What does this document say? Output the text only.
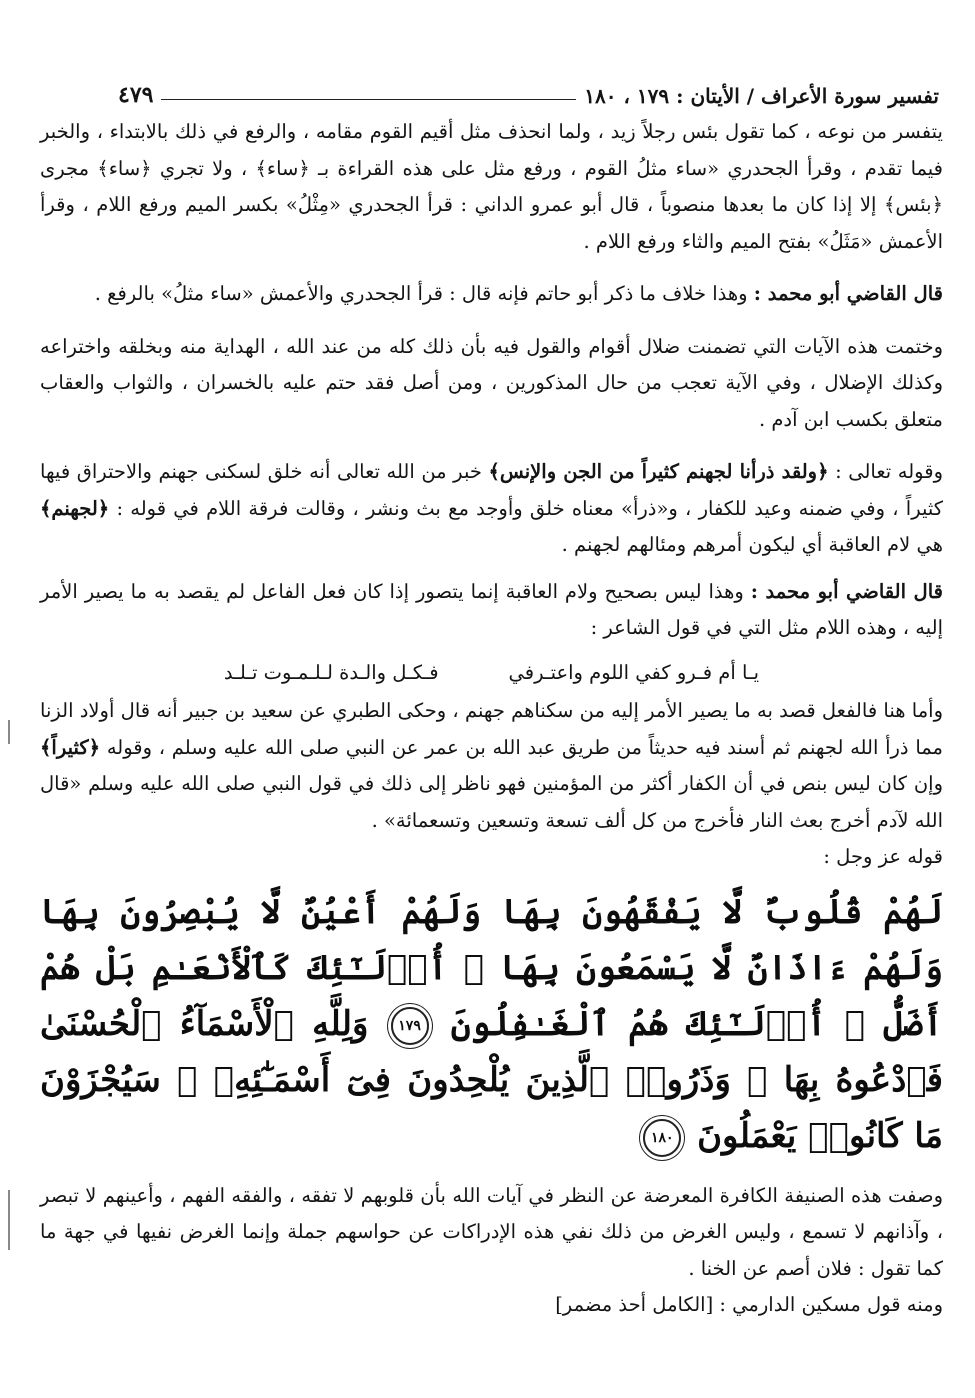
تفسير سورة الأعراف / الأيتان : ١٧٩ ، ١٨٠
٤٧٩

يتفسر من نوعه ، كما تقول بئس رجلاً زيد ، ولما انحذف مثل أقيم القوم مقامه ، والرفع في ذلك بالابتداء ، والخبر فيما تقدم ، وقرأ الجحدري «ساء مثلُ القوم ، ورفع مثل على هذه القراءة بـ ﴿ساء﴾ ، ولا تجري ﴿ساء﴾ مجرى ﴿بئس﴾ إلا إذا كان ما بعدها منصوباً ، قال أبو عمرو الداني : قرأ الجحدري «مِثْلُ» بكسر الميم ورفع اللام ، وقرأ الأعمش «مَثَلُ» بفتح الميم والثاء ورفع اللام .

قال القاضي أبو محمد : وهذا خلاف ما ذكر أبو حاتم فإنه قال : قرأ الجحدري والأعمش «ساء مثلُ» بالرفع .

وختمت هذه الآيات التي تضمنت ضلال أقوام والقول فيه بأن ذلك كله من عند الله ، الهداية منه وبخلقه واختراعه وكذلك الإضلال ، وفي الآية تعجب من حال المذكورين ، ومن أصل فقد حتم عليه بالخسران ، والثواب والعقاب متعلق بكسب ابن آدم .

وقوله تعالى : ﴿ولقد ذرأنا لجهنم كثيراً من الجن والإنس﴾ خبر من الله تعالى أنه خلق لسكنى جهنم والاحتراق فيها كثيراً ، وفي ضمنه وعيد للكفار ، و«ذرأ» معناه خلق وأوجد مع بث ونشر ، وقالت فرقة اللام في قوله : ﴿لجهنم﴾ هي لام العاقبة أي ليكون أمرهم ومئالهم لجهنم .

قال القاضي أبو محمد : وهذا ليس بصحيح ولام العاقبة إنما يتصور إذا كان فعل الفاعل لم يقصد به ما يصير الأمر إليه ، وهذه اللام مثل التي في قول الشاعر :

يـا أم فـرو كفي اللوم واعتـرفي
فـكـل والـدة لـلـمـوت تـلـد

وأما هنا فالفعل قصد به ما يصير الأمر إليه من سكناهم جهنم ، وحكى الطبري عن سعيد بن جبير أنه قال أولاد الزنا مما ذرأ الله لجهنم ثم أسند فيه حديثاً من طريق عبد الله بن عمر عن النبي صلى الله عليه وسلم ، وقوله ﴿كثيراً﴾ وإن كان ليس بنص في أن الكفار أكثر من المؤمنين فهو ناظر إلى ذلك في قول النبي صلى الله عليه وسلم «قال الله لآدم أخرج بعث النار فأخرج من كل ألف تسعة وتسعين وتسعمائة» .

قوله عز وجل :

لَهُمْ قُلُوبٌ لَّا يَفْقَهُونَ بِهَا وَلَهُمْ أَعْيُنٌ لَّا يُبْصِرُونَ بِهَا وَلَهُمْ ءَاذَانٌ لَّا يَسْمَعُونَ بِهَا ۚ أُو۟لَـٰٓئِكَ كَٱلْأَنْعَـٰمِ بَلْ هُمْ أَضَلُّ ۚ أُو۟لَـٰٓئِكَ هُمُ ٱلْغَـٰفِلُونَ ١٧٩ وَلِلَّهِ ٱلْأَسْمَآءُ ٱلْحُسْنَىٰ فَٱدْعُوهُ بِهَا ۖ وَذَرُوا۟ ٱلَّذِينَ يُلْحِدُونَ فِىٓ أَسْمَـٰٓئِهِۦ ۚ سَيُجْزَوْنَ مَا كَانُوا۟ يَعْمَلُونَ ١٨٠

وصفت هذه الصنيفة الكافرة المعرضة عن النظر في آيات الله بأن قلوبهم لا تفقه ، والفقه الفهم ، وأعينهم لا تبصر ، وآذانهم لا تسمع ، وليس الغرض من ذلك نفي هذه الإدراكات عن حواسهم جملة وإنما الغرض نفيها في جهة ما كما تقول : فلان أصم عن الخنا .

ومنه قول مسكين الدارمي : [الكامل أحذ مضمر]
